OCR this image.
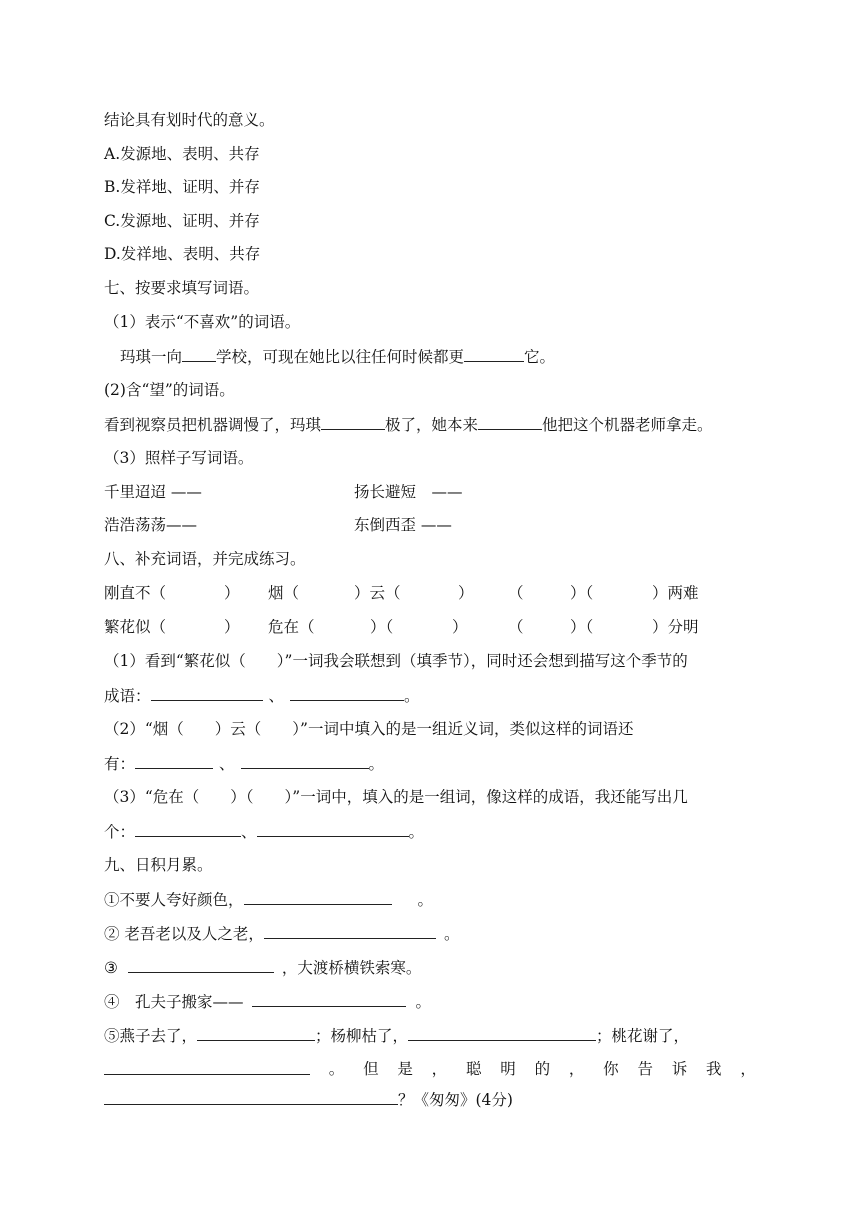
结论具有划时代的意义。
A.发源地、表明、共存
B.发祥地、证明、并存
C.发源地、证明、并存
D.发祥地、表明、共存
七、按要求填写词语。
（1）表示“不喜欢”的词语。
玛琪一向 学校，可现在她比以往任何时候都更	它。
(2)含“望”的词语。
看到视察员把机器调慢了，玛琪	极了，她本来	他把这个机器老师拿走。
（3）照样子写词语。
千里迢迢 ——	扬长避短　——
浩浩荡荡——	东倒西歪 ——
八、补充词语，并完成练习。
刚直不（	） 烟（	）云（	） （	）（	）两难
繁花似（	） 危在（	）（	）	（	）（	）分明
（1）看到“繁花似（　　）”一词我会联想到（填季节），同时还会想到描写这个季节的
成语：	、	。
（2）“烟（　　）云（　　）”一词中填入的是一组近义词，类似这样的词语还
有：	、	。
（3）“危在（　　）（　　）”一词中，填入的是一组词，像这样的成语，我还能写出几
个：	、	。
九、日积月累。
①不要人夸好颜色，	。
② 老吾老以及人之老，	。
③	，大渡桥横铁索寒。
④　孔夫子搬家——	。
⑤燕子去了，	；杨柳枯了，	；桃花谢了，
。 但 是 ， 聪 明 的 ， 你 告 诉 我 ，
？《匆匆》(4分)
